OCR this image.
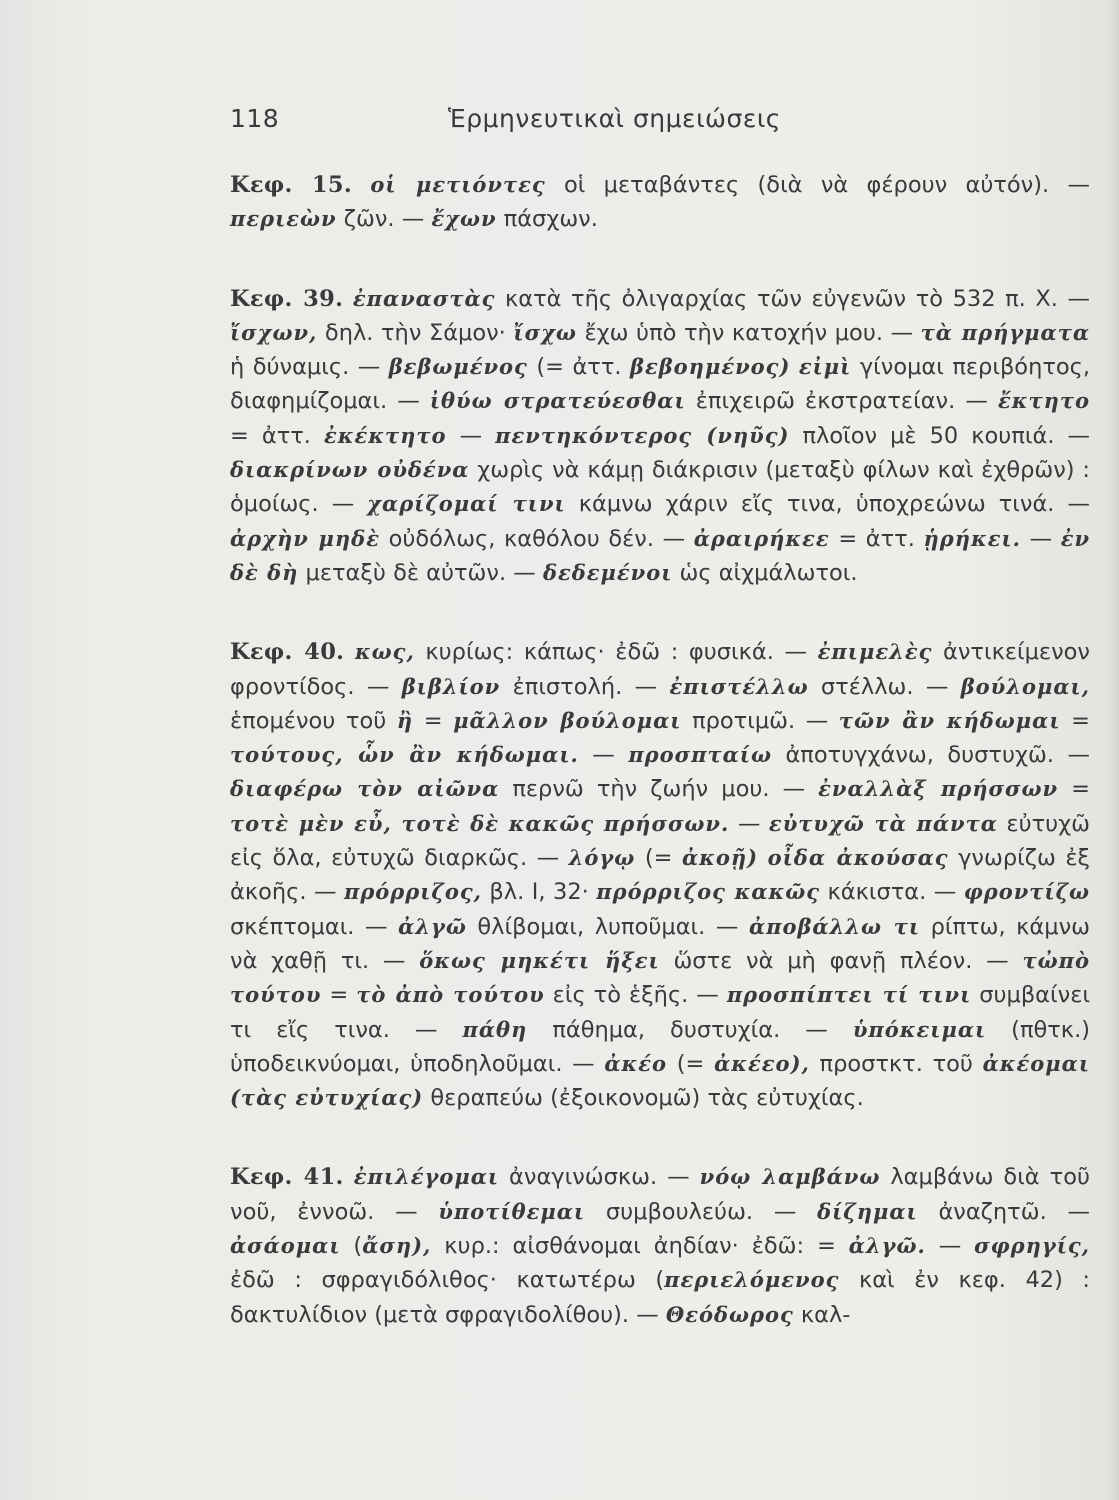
118	Ἑρμηνευτικαὶ σημειώσεις

Κεφ. 15. οἱ μετιόντες οἱ μεταβάντες (διὰ νὰ φέρουν αὐτόν). — περιεὼν ζῶν. — ἔχων πάσχων.

Κεφ. 39. ἐπαναστὰς κατὰ τῆς ὀλιγαρχίας τῶν εὐγενῶν τὸ 532 π. Χ. — ἴσχων, δηλ. τὴν Σάμον· ἴσχω ἔχω ὑπὸ τὴν κατοχήν μου. — τὰ πρήγματα ἡ δύναμις. — βεβωμένος (= ἀττ. βεβοημένος) εἰμὶ γίνομαι περιβόητος, διαφημίζομαι. — ἰθύω στρατεύεσθαι ἐπιχειρῶ ἐκστρατείαν. — ἔκτητο = ἀττ. ἐκέκτητο — πεντηκόντερος (νηῦς) πλοῖον μὲ 50 κουπιά. — διακρίνων οὐδένα χωρὶς νὰ κάμῃ διάκρισιν (μεταξὺ φίλων καὶ ἐχθρῶν) : ὁμοίως. — χαρίζομαί τινι κάμνω χάριν εἴς τινα, ὑποχρεώνω τινά. — ἀρχὴν μηδὲ οὐδόλως, καθόλου δέν. — ἀραιρήκεε = ἀττ. ᾑρήκει. — ἐν δὲ δὴ μεταξὺ δὲ αὐτῶν. — δεδεμένοι ὡς αἰχμάλωτοι.

Κεφ. 40. κως, κυρίως: κάπως· ἐδῶ : φυσικά. — ἐπιμελὲς ἀντικείμενον φροντίδος. — βιβλίον ἐπιστολή. — ἐπιστέλλω στέλλω. — βούλομαι, ἑπομένου τοῦ ἢ = μᾶλλον βούλομαι προτιμῶ. — τῶν ἂν κήδωμαι = τούτους, ὧν ἂν κήδωμαι. — προσπταίω ἀποτυγχάνω, δυστυχῶ. — διαφέρω τὸν αἰῶνα περνῶ τὴν ζωήν μου. — ἐναλλὰξ πρήσσων = τοτὲ μὲν εὖ, τοτὲ δὲ κακῶς πρήσσων. — εὐτυχῶ τὰ πάντα εὐτυχῶ εἰς ὅλα, εὐτυχῶ διαρκῶς. — λόγῳ (= ἀκοῇ) οἶδα ἀκούσας γνωρίζω ἐξ ἀκοῆς. — πρόρριζος, βλ. I, 32· πρόρριζος κακῶς κάκιστα. — φροντίζω σκέπτομαι. — ἀλγῶ θλίβομαι, λυποῦμαι. — ἀποβάλλω τι ρίπτω, κάμνω νὰ χαθῇ τι. — ὅκως μηκέτι ἥξει ὥστε νὰ μὴ φανῇ πλέον. — τὠπὸ τούτου = τὸ ἀπὸ τούτου εἰς τὸ ἑξῆς. — προσπίπτει τί τινι συμβαίνει τι εἴς τινα. — πάθη πάθημα, δυστυχία. — ὑπόκειμαι (πθτκ.) ὑποδεικνύομαι, ὑποδηλοῦμαι. — ἀκέο (= ἀκέεο), προστκτ. τοῦ ἀκέομαι (τὰς εὐτυχίας) θεραπεύω (ἐξοικονομῶ) τὰς εὐτυχίας.

Κεφ. 41. ἐπιλέγομαι ἀναγινώσκω. — νόῳ λαμβάνω λαμβάνω διὰ τοῦ νοῦ, ἐννοῶ. — ὑποτίθεμαι συμβουλεύω. — δίζημαι ἀναζητῶ. — ἀσάομαι (ἄση), κυρ.: αἰσθάνομαι ἀηδίαν· ἐδῶ: = ἀλγῶ. — σφρηγίς, ἐδῶ : σφραγιδόλιθος· κατωτέρω (περιελόμενος καὶ ἐν κεφ. 42) : δακτυλίδιον (μετὰ σφραγιδολίθου). — Θεόδωρος καλ-
